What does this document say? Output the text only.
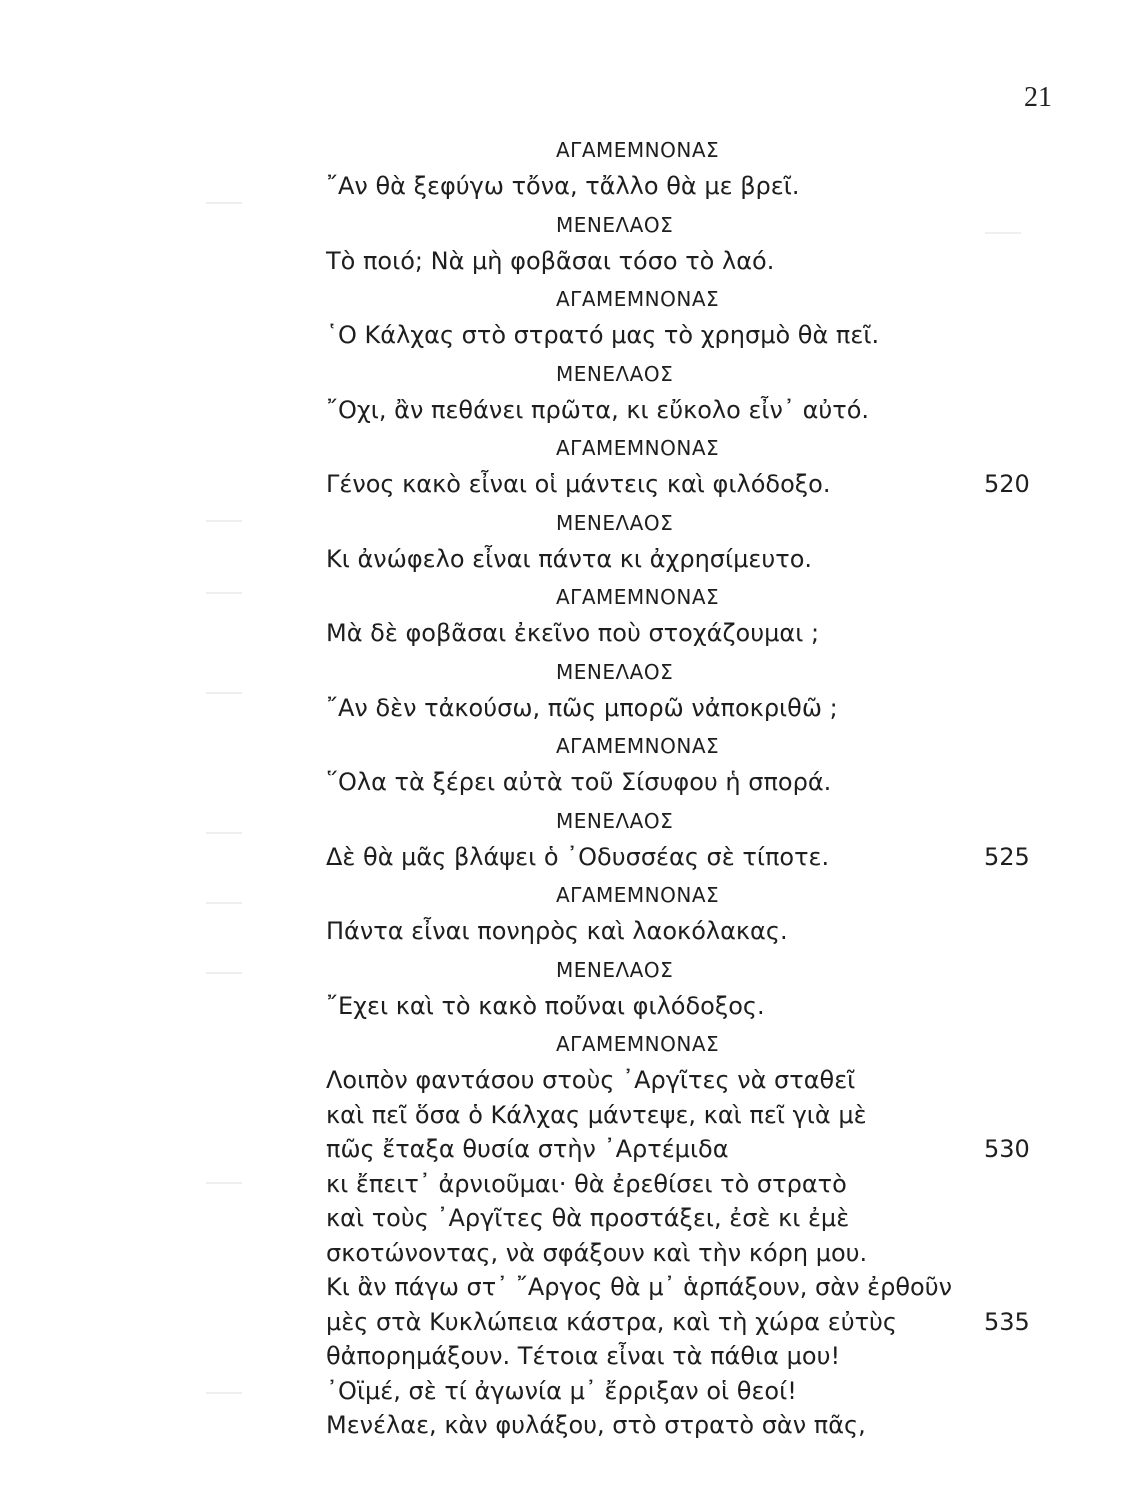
21
ΑΓΑΜΕΜΝΟΝΑΣ
῎Αν θὰ ξεφύγω τὄνα, τἄλλο θὰ με βρεῖ.
ΜΕΝΕΛΑΟΣ
Τὸ ποιό; Νὰ μὴ φοβᾶσαι τόσο τὸ λαό.
ΑΓΑΜΕΜΝΟΝΑΣ
῾Ο Κάλχας στὸ στρατό μας τὸ χρησμὸ θὰ πεῖ.
ΜΕΝΕΛΑΟΣ
῎Οχι, ἂν πεθάνει πρῶτα, κι εὔκολο εἶν᾿ αὐτό.
ΑΓΑΜΕΜΝΟΝΑΣ
Γένος κακὸ εἶναι οἱ μάντεις καὶ φιλόδοξο.	520
ΜΕΝΕΛΑΟΣ
Κι ἀνώφελο εἶναι πάντα κι ἀχρησίμευτο.
ΑΓΑΜΕΜΝΟΝΑΣ
Μὰ δὲ φοβᾶσαι ἐκεῖνο ποὺ στοχάζουμαι ;
ΜΕΝΕΛΑΟΣ
῎Αν δὲν τἀκούσω, πῶς μπορῶ νἀποκριθῶ ;
ΑΓΑΜΕΜΝΟΝΑΣ
῞Ολα τὰ ξέρει αὐτὰ τοῦ Σίσυφου ἡ σπορά.
ΜΕΝΕΛΑΟΣ
Δὲ θὰ μᾶς βλάψει ὁ ᾿Οδυσσέας σὲ τίποτε.	525
ΑΓΑΜΕΜΝΟΝΑΣ
Πάντα εἶναι πονηρὸς καὶ λαοκόλακας.
ΜΕΝΕΛΑΟΣ
῎Εχει καὶ τὸ κακὸ ποὔναι φιλόδοξος.
ΑΓΑΜΕΜΝΟΝΑΣ
Λοιπὸν φαντάσου στοὺς ᾿Αργῖτες νὰ σταθεῖ
καὶ πεῖ ὅσα ὁ Κάλχας μάντεψε, καὶ πεῖ γιὰ μὲ
πῶς ἔταξα θυσία στὴν ᾿Αρτέμιδα	530
κι ἔπειτ᾿ ἀρνιοῦμαι· θὰ ἐρεθίσει τὸ στρατὸ
καὶ τοὺς ᾿Αργῖτες θὰ προστάξει, ἐσὲ κι ἐμὲ
σκοτώνοντας, νὰ σφάξουν καὶ τὴν κόρη μου.
Κι ἂν πάγω στ᾿ ῎Αργος θὰ μ᾿ ἁρπάξουν, σὰν ἐρθοῦν
μὲς στὰ Κυκλώπεια κάστρα, καὶ τὴ χώρα εὐτὺς	535
θἀπορημάξουν. Τέτοια εἶναι τὰ πάθια μου!
᾿Οϊμέ, σὲ τί ἀγωνία μ᾿ ἔρριξαν οἱ θεοί!
Μενέλαε, κὰν φυλάξου, στὸ στρατὸ σὰν πᾶς,
